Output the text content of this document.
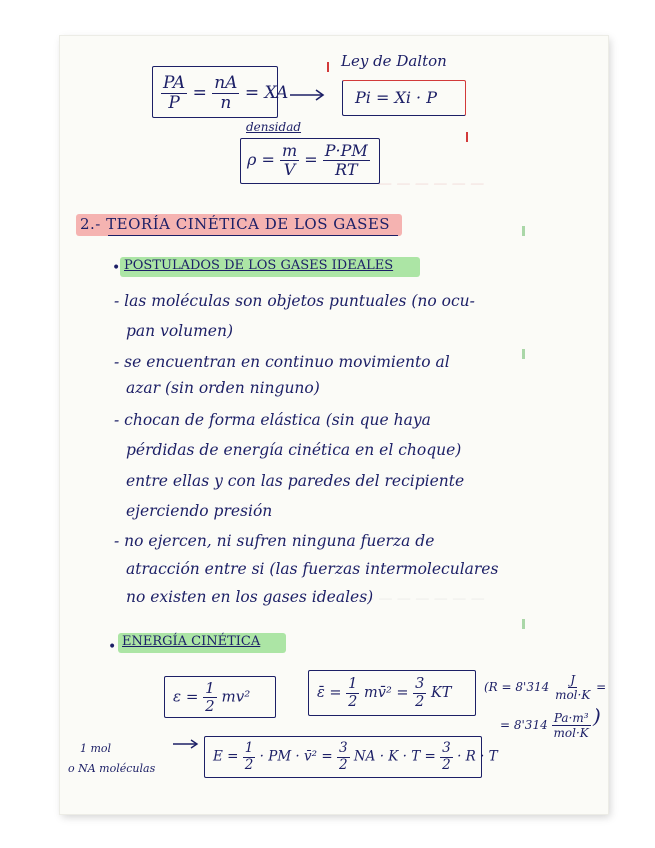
— — — — — —
— — — — — — —
$\frac{PA}{P} = \frac{nA}{n}$ = XA
Ley de Dalton
Pi = Xi · P
densidad
$\rho = \frac{m}{V} = \frac{P\cdot PM}{RT}$
2.- TEORÍA CINÉTICA DE LOS GASES
• POSTULADOS DE LOS GASES IDEALES
- las moléculas son objetos puntuales (no ocu-
pan volumen)
- se encuentran en continuo movimiento al
azar (sin orden ninguno)
- chocan de forma elástica (sin que haya
pérdidas de energía cinética en el choque)
entre ellas y con las paredes del recipiente
ejerciendo presión
- no ejercen, ni sufren ninguna fuerza de
atracción entre si (las fuerzas intermoleculares
no existen en los gases ideales)
• ENERGÍA CINÉTICA
$\varepsilon = \frac{1}{2} mv^2$	ε̄ = $\frac{1}{2}$ mv̄² = $\frac{3}{2}$ KT	($R = 8'314 \frac{J}{\text{mol·K}}$ =
= $8'314 \frac{\text{Pa·m³}}{\text{mol·K}}$ )
1 mol
o NA moléculas
$E = \frac{1}{2}$ · PM · v̄² = $\frac{3}{2}$ NA · $K \cdot T = \frac{3}{2} \cdot R \cdot T$
